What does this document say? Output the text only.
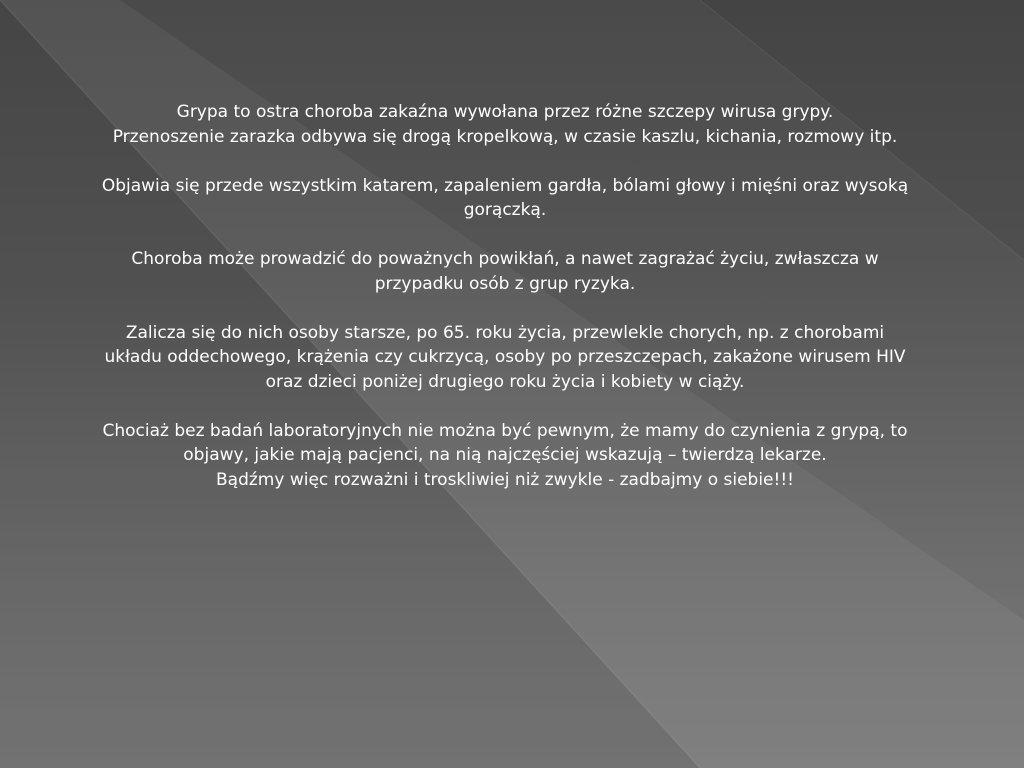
Grypa to ostra choroba zakaźna wywołana przez różne szczepy wirusa grypy.
Przenoszenie zarazka odbywa się drogą kropelkową, w czasie kaszlu, kichania, rozmowy itp.

Objawia się przede wszystkim katarem, zapaleniem gardła, bólami głowy i mięśni oraz wysoką gorączką.

Choroba może prowadzić do poważnych powikłań, a nawet zagrażać życiu, zwłaszcza w przypadku osób z grup ryzyka.

Zalicza się do nich osoby starsze, po 65. roku życia, przewlekle chorych, np. z chorobami układu oddechowego, krążenia czy cukrzycą, osoby po przeszczepach, zakażone wirusem HIV oraz dzieci poniżej drugiego roku życia i kobiety w ciąży.

Chociaż bez badań laboratoryjnych nie można być pewnym, że mamy do czynienia z grypą, to objawy, jakie mają pacjenci, na nią najczęściej wskazują – twierdzą lekarze.
Bądźmy więc rozważni i troskliwiej niż zwykle - zadbajmy o siebie!!!
